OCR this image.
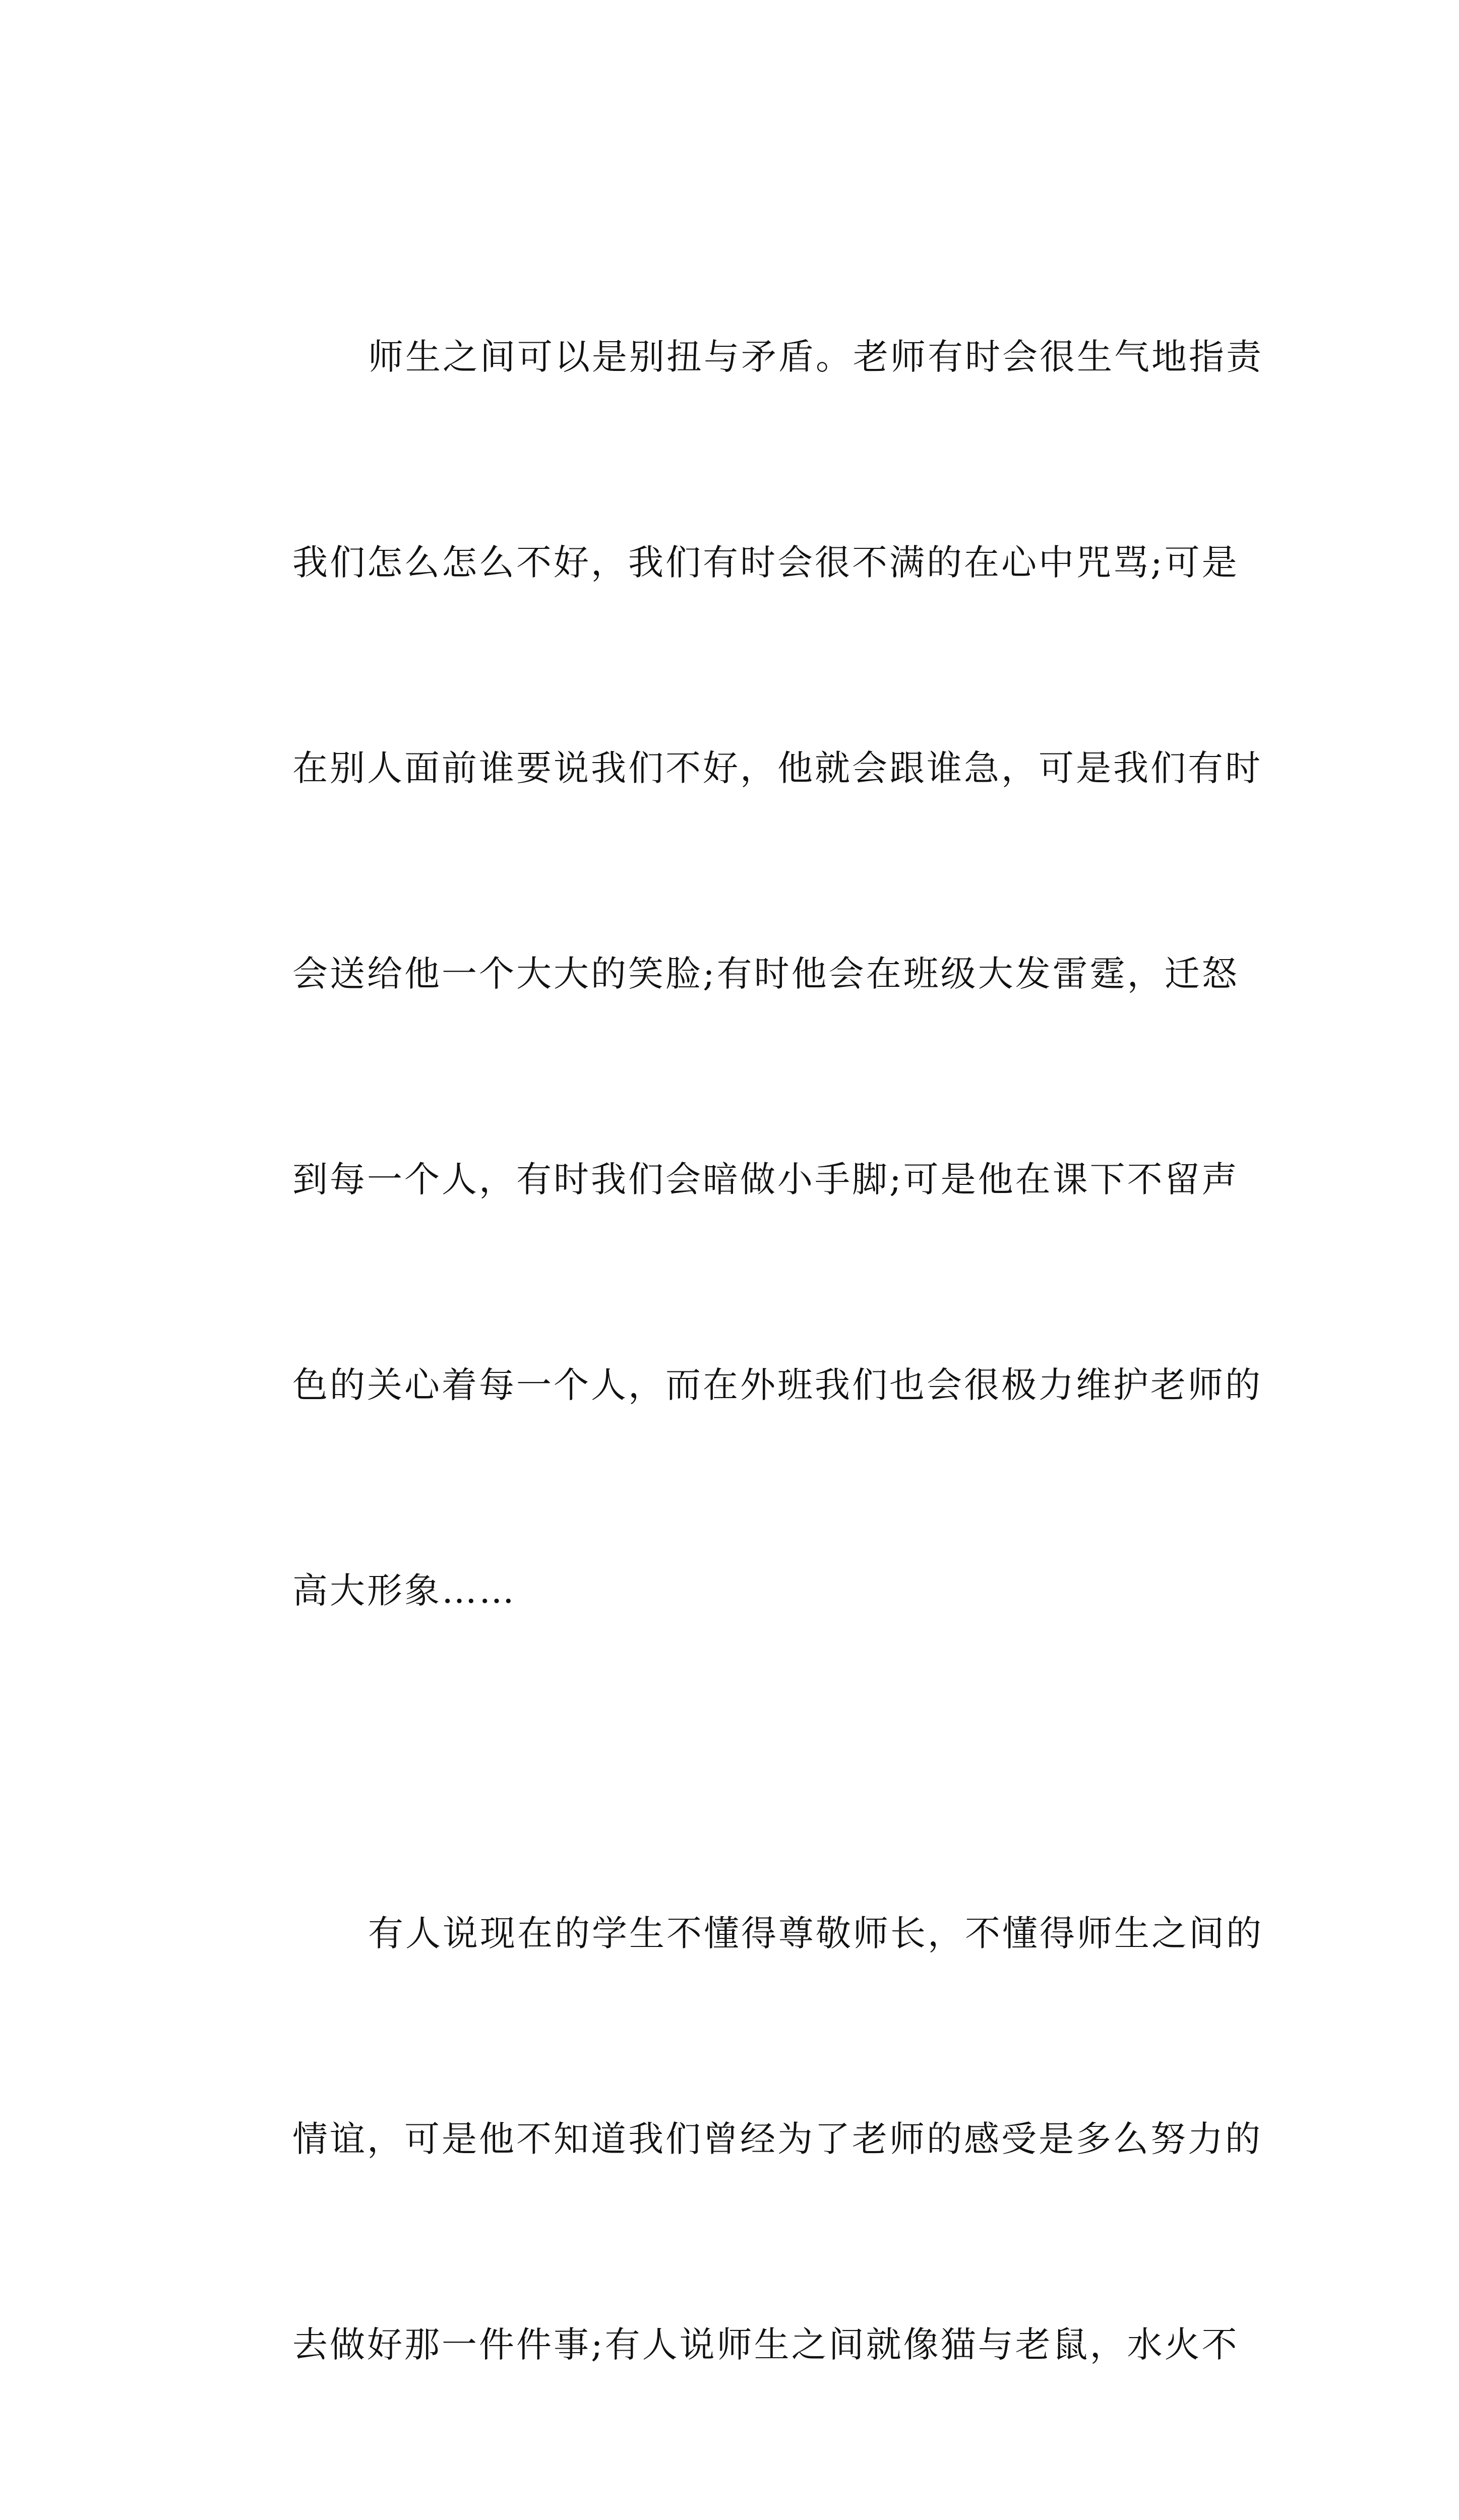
师生之间可以是别扭与矛盾。老师有时会很生气地指责

我们怎么怎么不好，我们有时会很不满的在心中咒骂;可是

在别人面前谁要说我们不好，他就会跟谁急，可是我们有时

会送给他一个大大的笑脸;有时他会在班级大发雷霆，迁怒

到每一个人，有时我们会暗做小手脚;可是他在课下不留声

色的关心着每一个人，而在外班我们也会很极力维护老师的

高大形象……

有人说现在的学生不懂得尊敬师长，不懂得师生之间的

情谊，可是他不知道我们曾经为了老师的感受是多么努力的

去做好那一件件事;有人说师生之间就像猫与老鼠，水火不
